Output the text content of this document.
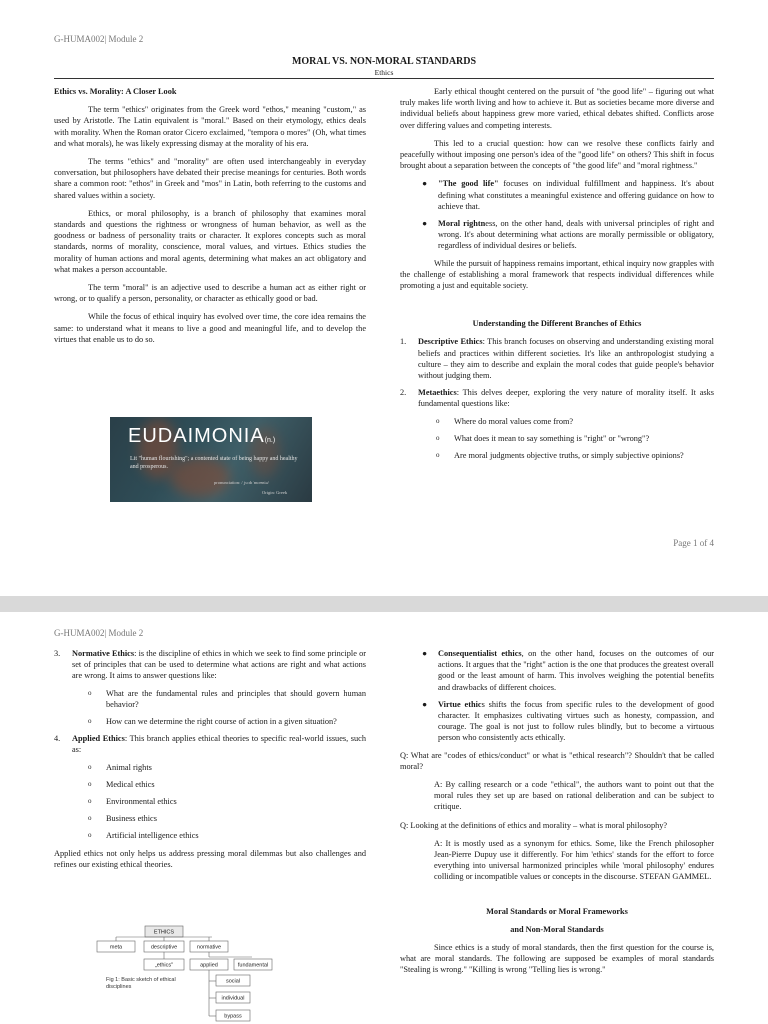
G-HUMA002| Module 2
MORAL VS. NON-MORAL STANDARDS
Ethics
Ethics vs. Morality: A Closer Look

The term "ethics" originates from the Greek word "ethos," meaning "custom," as used by Aristotle. The Latin equivalent is "moral." Based on their etymology, ethics deals with morality. When the Roman orator Cicero exclaimed, "tempora o mores" (Oh, what times and what morals), he was likely expressing dismay at the morality of his era.

The terms "ethics" and "morality" are often used interchangeably in everyday conversation, but philosophers have debated their precise meanings for centuries. Both words share a common root: "ethos" in Greek and "mos" in Latin, both referring to the customs and shared values within a society.

Ethics, or moral philosophy, is a branch of philosophy that examines moral standards and questions the rightness or wrongness of human behavior, as well as the goodness or badness of personality traits or character. It explores concepts such as moral standards, norms of morality, conscience, moral values, and virtues. Ethics studies the morality of human actions and moral agents, determining what makes an act obligatory and what makes a person accountable.

The term "moral" is an adjective used to describe a human act as either right or wrong, or to qualify a person, personality, or character as ethically good or bad.

While the focus of ethical inquiry has evolved over time, the core idea remains the same: to understand what it means to live a good and meaningful life, and to develop the virtues that enable us to do so.

EUDAIMONIA(n.)
Lit "human flourishing"; a contented state of being happy and healthy and prosperous.
pronunciation: /ˌjuːdɪˈmoʊniə/
Origin: Greek

Early ethical thought centered on the pursuit of "the good life" – figuring out what truly makes life worth living and how to achieve it. But as societies became more diverse and individual beliefs about happiness grew more varied, ethical debates shifted. Conflicts arose over differing values and competing interests.

This led to a crucial question: how can we resolve these conflicts fairly and peacefully without imposing one person's idea of the "good life" on others? This shift in focus brought about a separation between the concepts of "the good life" and "moral rightness."

● "The good life" focuses on individual fulfillment and happiness. It's about defining what constitutes a meaningful existence and offering guidance on how to achieve that.
● Moral rightness, on the other hand, deals with universal principles of right and wrong. It's about determining what actions are morally permissible or obligatory, regardless of individual desires or beliefs.

While the pursuit of happiness remains important, ethical inquiry now grapples with the challenge of establishing a moral framework that respects individual differences while promoting a just and equitable society.

Understanding the Different Branches of Ethics
1. Descriptive Ethics: This branch focuses on observing and understanding existing moral beliefs and practices within different societies. It's like an anthropologist studying a culture – they aim to describe and explain the moral codes that guide people's behavior without judging them.
2. Metaethics: This delves deeper, exploring the very nature of morality itself. It asks fundamental questions like:
o Where do moral values come from?
o What does it mean to say something is "right" or "wrong"?
o Are moral judgments objective truths, or simply subjective opinions?
Page 1 of 4
G-HUMA002| Module 2
3. Normative Ethics: is the discipline of ethics in which we seek to find some principle or set of principles that can be used to determine what actions are right and what actions are wrong. It aims to answer questions like:
o What are the fundamental rules and principles that should govern human behavior?
o How can we determine the right course of action in a given situation?
4. Applied Ethics: This branch applies ethical theories to specific real-world issues, such as:
o Animal rights
o Medical ethics
o Environmental ethics
o Business ethics
o Artificial intelligence ethics

Applied ethics not only helps us address pressing moral dilemmas but also challenges and refines our existing ethical theories.

● Consequentialist ethics, on the other hand, focuses on the outcomes of our actions. It argues that the "right" action is the one that produces the greatest overall good or the least amount of harm. This involves weighing the potential benefits and drawbacks of different choices.
● Virtue ethics shifts the focus from specific rules to the development of good character. It emphasizes cultivating virtues such as honesty, compassion, and courage. The goal is not just to follow rules blindly, but to become a virtuous person who consistently acts ethically.

Q: What are "codes of ethics/conduct" or what is "ethical research"? Shouldn't that be called moral?

A: By calling research or a code "ethical", the authors want to point out that the moral rules they set up are based on rational deliberation and can be subject to critique.

Q: Looking at the definitions of ethics and morality – what is moral philosophy?

A: It is mostly used as a synonym for ethics. Some, like the French philosopher Jean-Pierre Dupuy use it differently. For him 'ethics' stands for the effort to force everything into universal harmonized principles while 'moral philosophy' endures colliding or incompatible values or concepts in the discourse. STEFAN GAMMEL.

Moral Standards or Moral Frameworks
and Non-Moral Standards

Since ethics is a study of moral standards, then the first question for the course is, what are moral standards. The following are supposed be examples of moral standards "Stealing is wrong." "Killing is wrong "Telling lies is wrong."

ETHICS
meta	descriptive	normative
„ethics"	applied	fundamental
social
individual
bypass
Fig 1: Basic sketch of ethical disciplines
